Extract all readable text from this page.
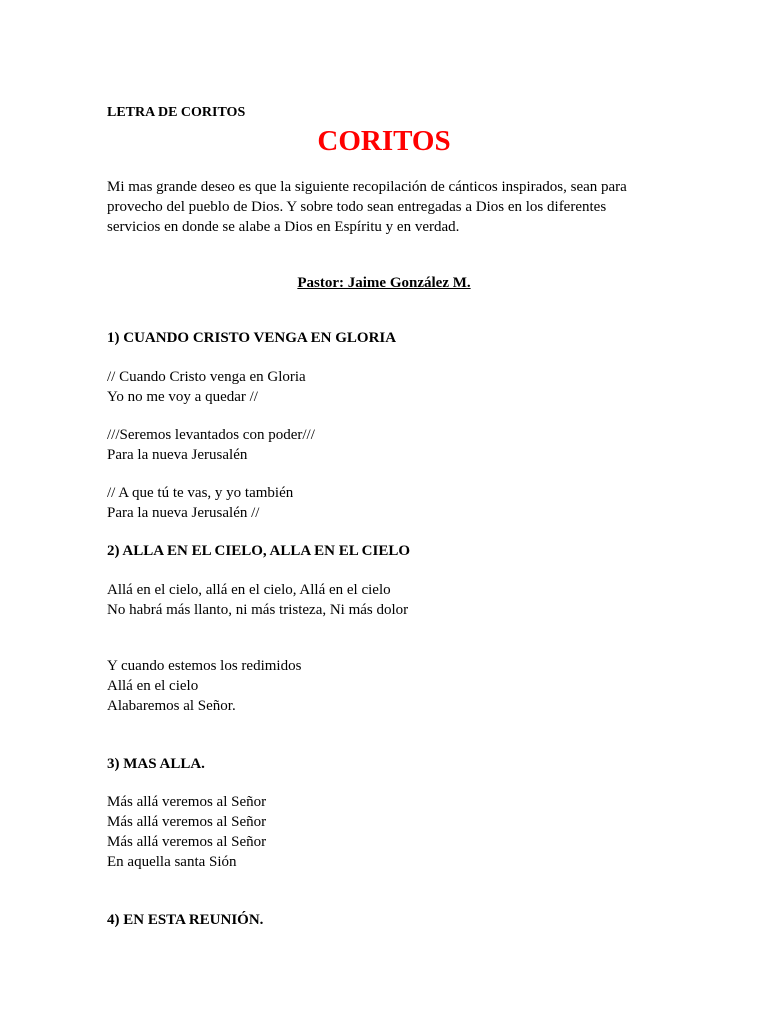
LETRA DE CORITOS

CORITOS

Mi mas grande deseo es que la siguiente recopilación de cánticos inspirados, sean para provecho del pueblo de Dios. Y sobre todo sean entregadas a Dios en los diferentes servicios en donde se alabe a Dios en Espíritu y en verdad.

Pastor: Jaime González M.

1) CUANDO CRISTO VENGA EN GLORIA

// Cuando Cristo venga en Gloria
Yo no me voy a quedar //
///Seremos levantados con poder///
Para la nueva Jerusalén
// A que tú te vas, y yo también
Para la nueva Jerusalén //

2) ALLA EN EL CIELO, ALLA EN EL CIELO

Allá en el cielo, allá en el cielo, Allá en el cielo
No habrá más llanto, ni más tristeza, Ni más dolor
Y cuando estemos los redimidos
Allá en el cielo
Alabaremos al Señor.

3) MAS ALLA.

Más allá veremos al Señor
Más allá veremos al Señor
Más allá veremos al Señor
En aquella santa Sión

4) EN ESTA REUNIÓN.
